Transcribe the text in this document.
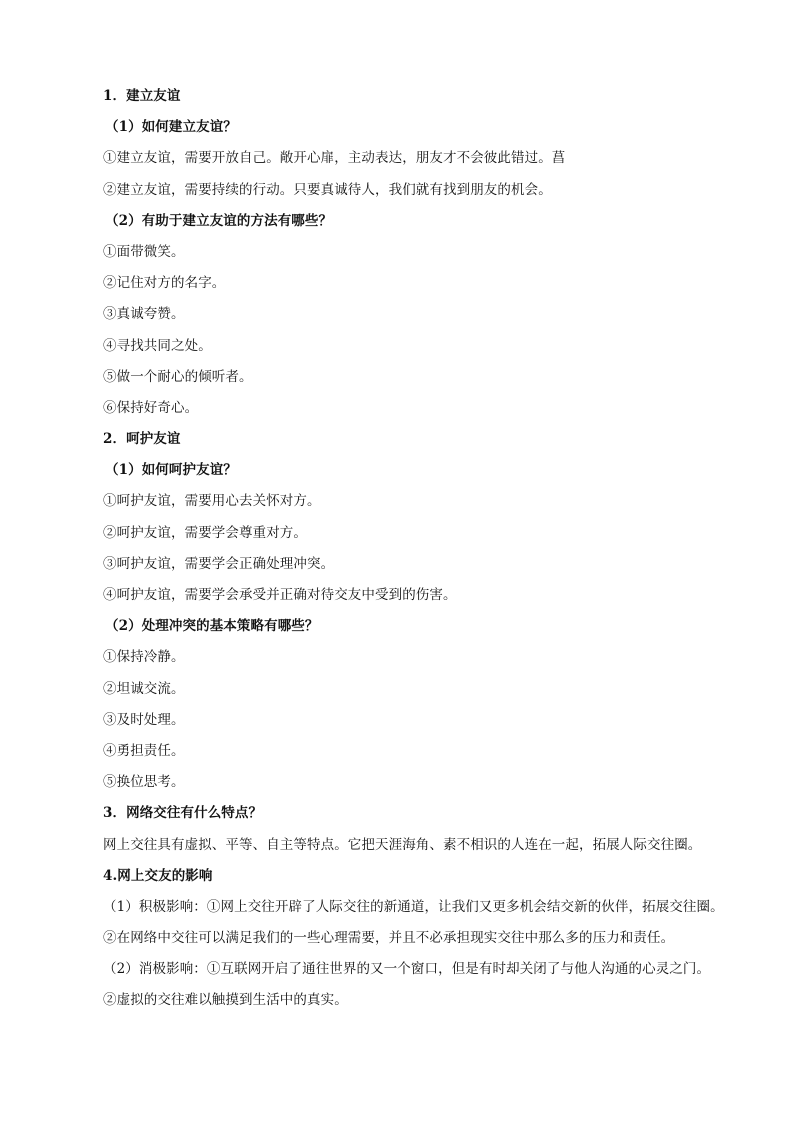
1．建立友谊
（1）如何建立友谊？
①建立友谊，需要开放自己。敞开心扉，主动表达，朋友才不会彼此错过。菖
②建立友谊，需要持续的行动。只要真诚待人，我们就有找到朋友的机会。
（2）有助于建立友谊的方法有哪些？
①面带微笑。
②记住对方的名字。
③真诚夸赞。
④寻找共同之处。
⑤做一个耐心的倾听者。
⑥保持好奇心。
2．呵护友谊
（1）如何呵护友谊？
①呵护友谊，需要用心去关怀对方。
②呵护友谊，需要学会尊重对方。
③呵护友谊，需要学会正确处理冲突。
④呵护友谊，需要学会承受并正确对待交友中受到的伤害。
（2）处理冲突的基本策略有哪些？
①保持冷静。
②坦诚交流。
③及时处理。
④勇担责任。
⑤换位思考。
3．网络交往有什么特点？
网上交往具有虚拟、平等、自主等特点。它把天涯海角、素不相识的人连在一起，拓展人际交往圈。
4.网上交友的影响
（1）积极影响：①网上交往开辟了人际交往的新通道，让我们又更多机会结交新的伙伴，拓展交往圈。
②在网络中交往可以满足我们的一些心理需要，并且不必承担现实交往中那么多的压力和责任。
（2）消极影响：①互联网开启了通往世界的又一个窗口，但是有时却关闭了与他人沟通的心灵之门。
②虚拟的交往难以触摸到生活中的真实。
